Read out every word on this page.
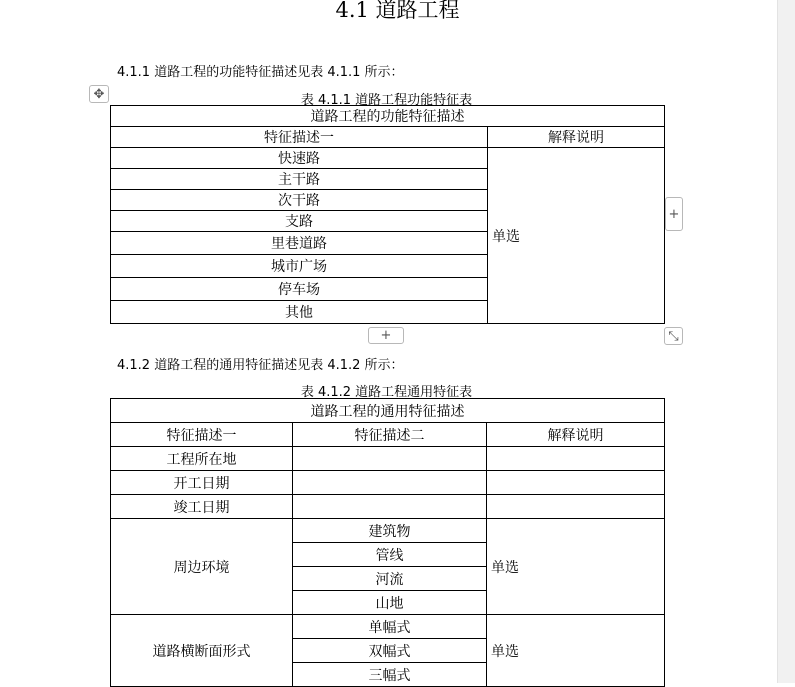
4.1 道路工程
4.1.1 道路工程的功能特征描述见表 4.1.1 所示：
表 4.1.1 道路工程功能特征表
✥
道路工程的功能特征描述	
特征描述一	解释说明
快速路	单选
主干路	
次干路	
支路	
里巷道路	
城市广场	
停车场	
其他	
+
+	⤡
4.1.2 道路工程的通用特征描述见表 4.1.2 所示：
表 4.1.2 道路工程通用特征表
道路工程的通用特征描述		
特征描述一	特征描述二	解释说明
工程所在地		
开工日期		
竣工日期		
周边环境	建筑物	单选
	管线	
	河流	
	山地	
道路横断面形式	单幅式	单选
	双幅式	
	三幅式	
